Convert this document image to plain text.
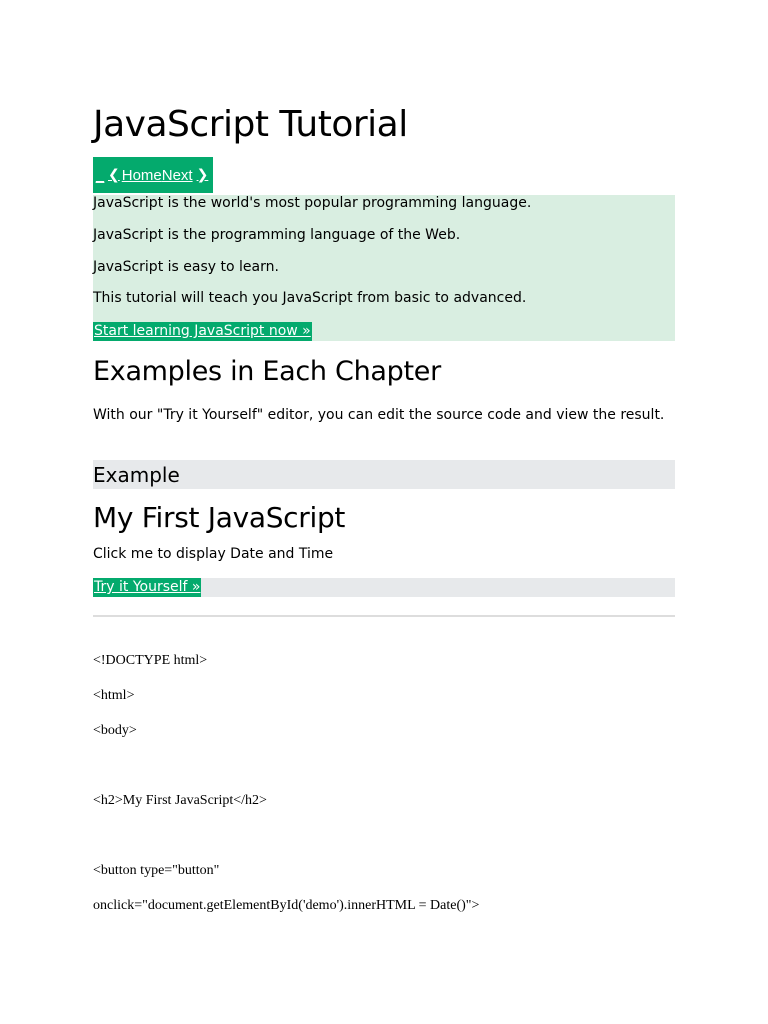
JavaScript Tutorial
_ ❮ Home Next ❯

JavaScript is the world's most popular programming language.

JavaScript is the programming language of the Web.

JavaScript is easy to learn.

This tutorial will teach you JavaScript from basic to advanced.

Start learning JavaScript now »
Examples in Each Chapter

With our "Try it Yourself" editor, you can edit the source code and view the result.

Example
My First JavaScript

Click me to display Date and Time

Try it Yourself »

<!DOCTYPE html>

<html>

<body>

<h2>My First JavaScript</h2>

<button type="button"

onclick="document.getElementById('demo').innerHTML = Date()">
